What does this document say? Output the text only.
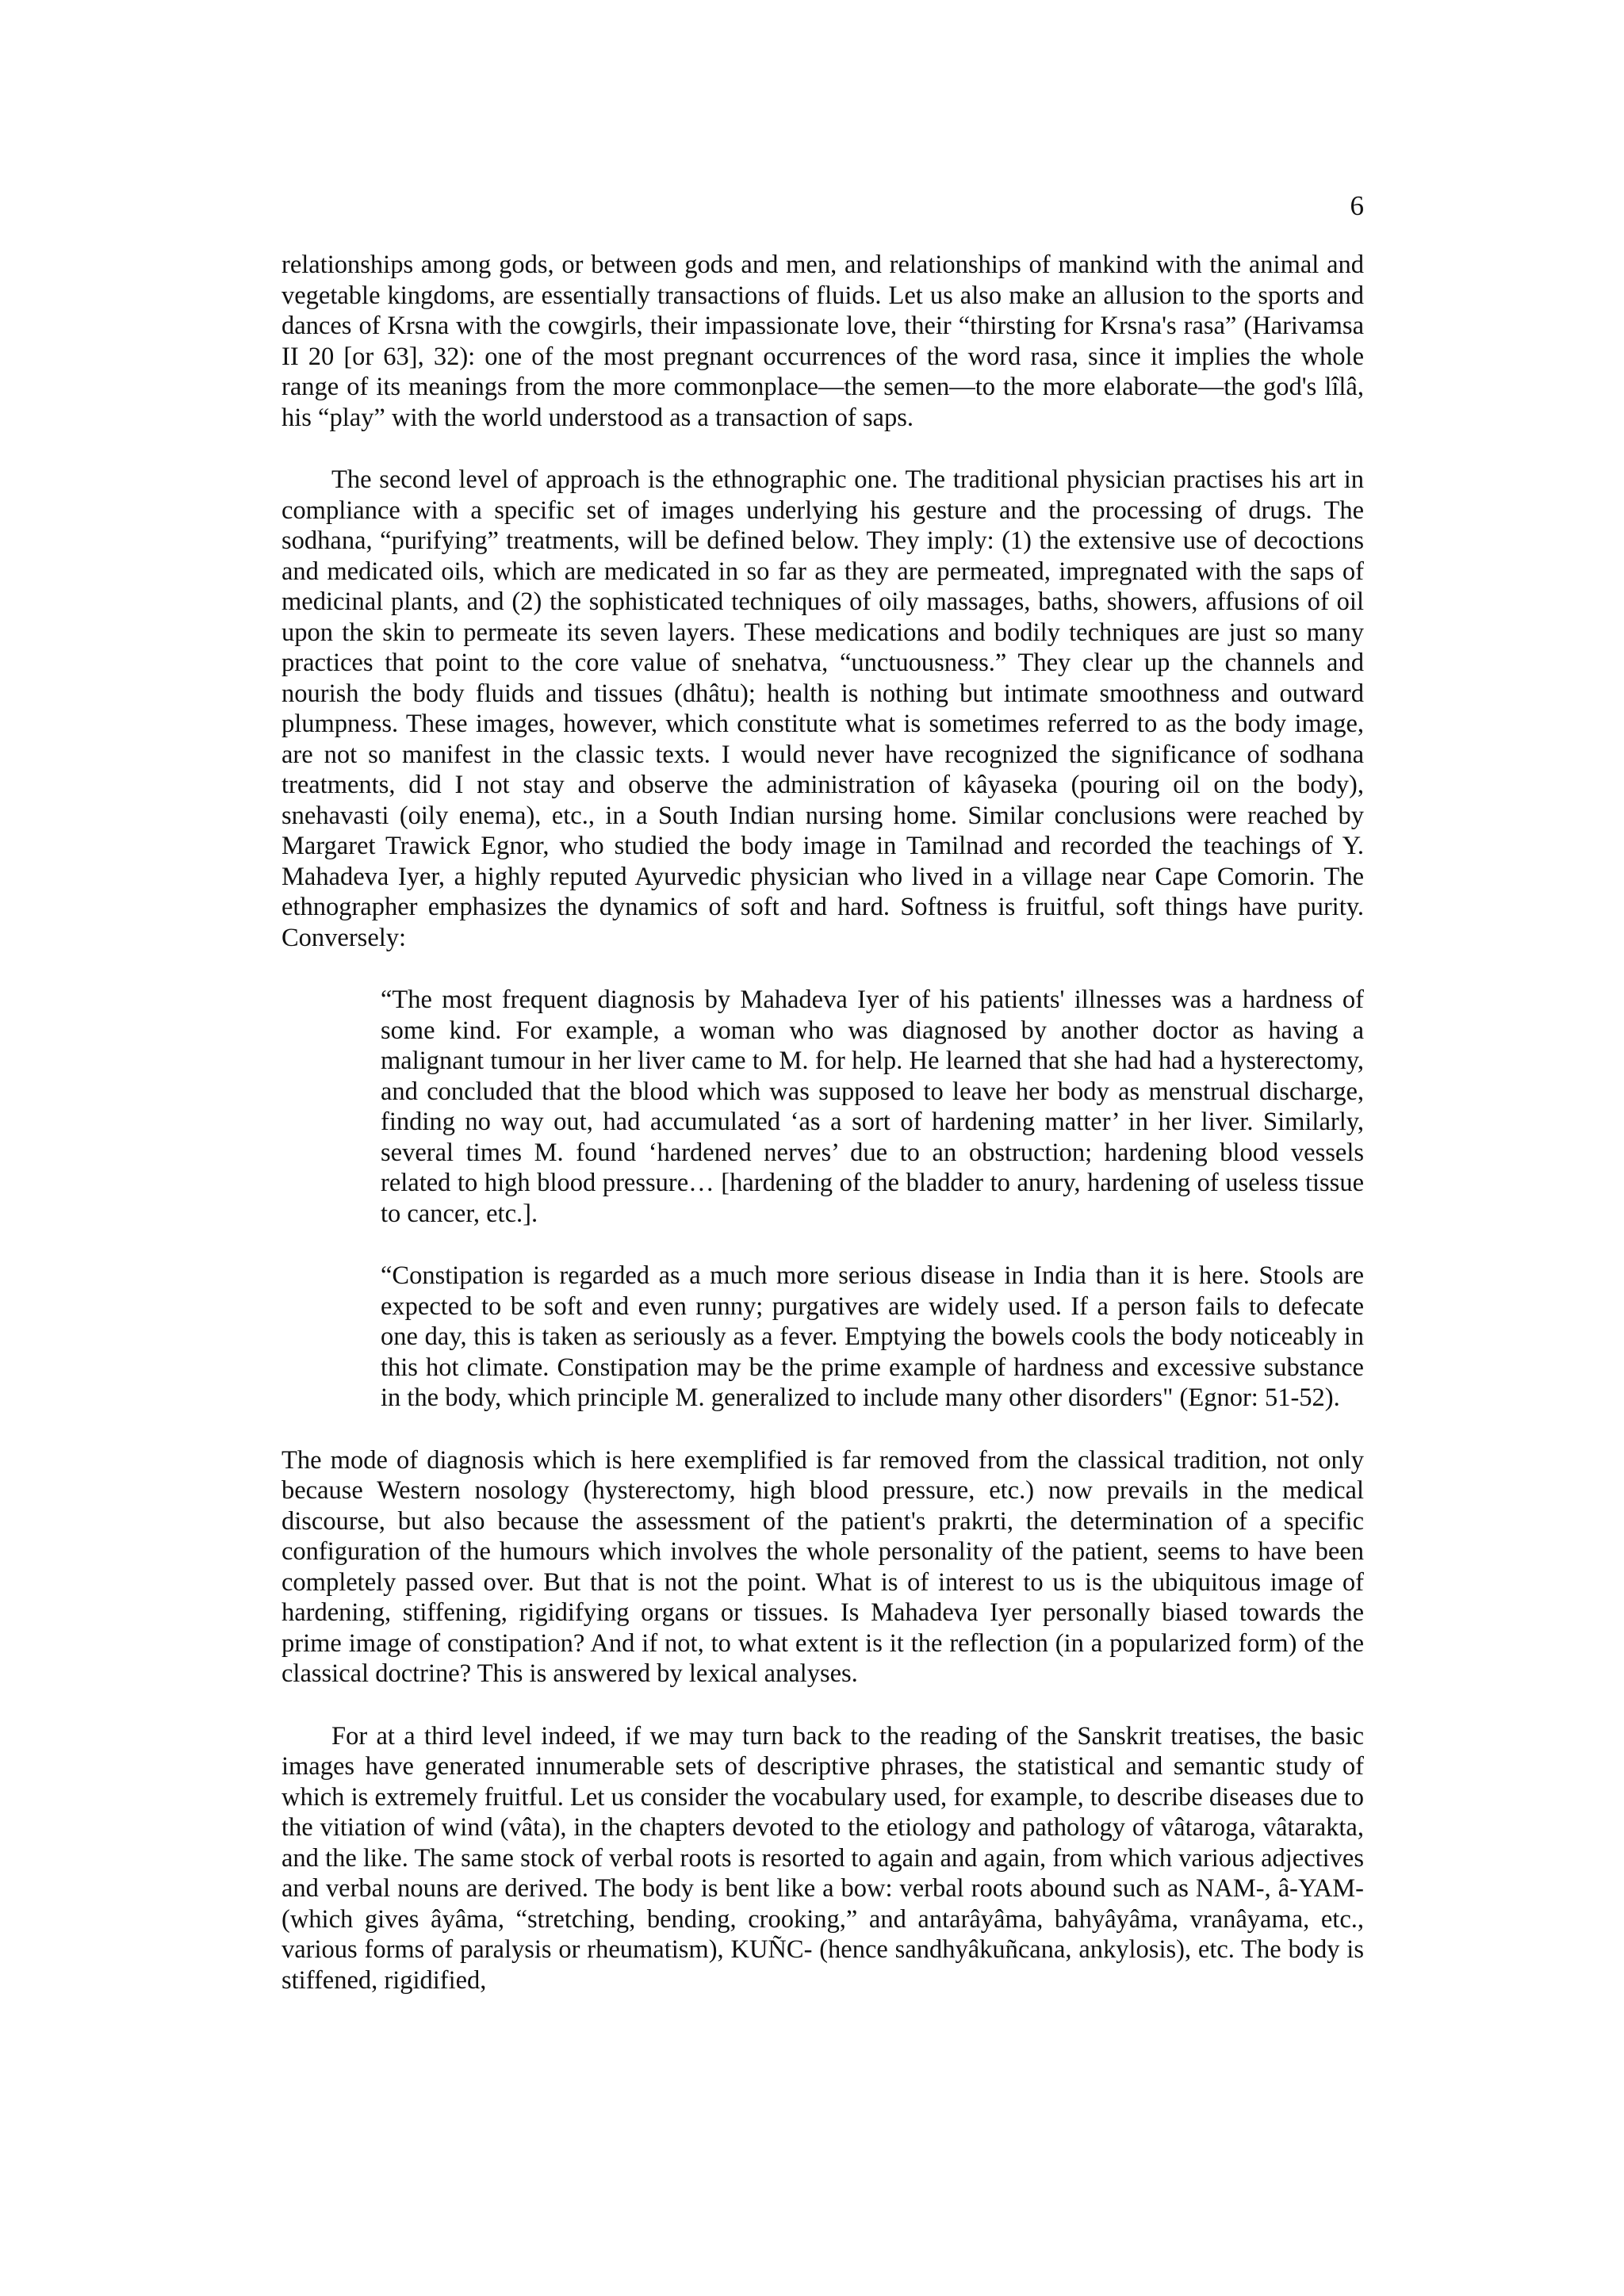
6

relationships among gods, or between gods and men, and relationships of mankind with the animal and vegetable kingdoms, are essentially transactions of fluids. Let us also make an allusion to the sports and dances of Krsna with the cowgirls, their impassionate love, their “thirsting for Krsna's rasa” (Harivamsa II 20 [or 63], 32): one of the most pregnant occurrences of the word rasa, since it implies the whole range of its meanings from the more commonplace—the semen—to the more elaborate—the god's lîlâ, his “play” with the world understood as a transaction of saps.

The second level of approach is the ethnographic one. The traditional physician practises his art in compliance with a specific set of images underlying his gesture and the processing of drugs. The sodhana, “purifying” treatments, will be defined below. They imply: (1) the extensive use of decoctions and medicated oils, which are medicated in so far as they are permeated, impregnated with the saps of medicinal plants, and (2) the sophisticated techniques of oily massages, baths, showers, affusions of oil upon the skin to permeate its seven layers. These medications and bodily techniques are just so many practices that point to the core value of snehatva, “unctuousness.” They clear up the channels and nourish the body fluids and tissues (dhâtu); health is nothing but intimate smoothness and outward plumpness. These images, however, which constitute what is sometimes referred to as the body image, are not so manifest in the classic texts. I would never have recognized the significance of sodhana treatments, did I not stay and observe the administration of kâyaseka (pouring oil on the body), snehavasti (oily enema), etc., in a South Indian nursing home. Similar conclusions were reached by Margaret Trawick Egnor, who studied the body image in Tamilnad and recorded the teachings of Y. Mahadeva Iyer, a highly reputed Ayurvedic physician who lived in a village near Cape Comorin. The ethnographer emphasizes the dynamics of soft and hard. Softness is fruitful, soft things have purity. Conversely:

“The most frequent diagnosis by Mahadeva Iyer of his patients' illnesses was a hardness of some kind. For example, a woman who was diagnosed by another doctor as having a malignant tumour in her liver came to M. for help. He learned that she had had a hysterectomy, and concluded that the blood which was supposed to leave her body as menstrual discharge, finding no way out, had accumulated ‘as a sort of hardening matter’ in her liver. Similarly, several times M. found ‘hardened nerves’ due to an obstruction; hardening blood vessels related to high blood pressure… [hardening of the bladder to anury, hardening of useless tissue to cancer, etc.].

“Constipation is regarded as a much more serious disease in India than it is here. Stools are expected to be soft and even runny; purgatives are widely used. If a person fails to defecate one day, this is taken as seriously as a fever. Emptying the bowels cools the body noticeably in this hot climate. Constipation may be the prime example of hardness and excessive substance in the body, which principle M. generalized to include many other disorders" (Egnor: 51-52).

The mode of diagnosis which is here exemplified is far removed from the classical tradition, not only because Western nosology (hysterectomy, high blood pressure, etc.) now prevails in the medical discourse, but also because the assessment of the patient's prakrti, the determination of a specific configuration of the humours which involves the whole personality of the patient, seems to have been completely passed over. But that is not the point. What is of interest to us is the ubiquitous image of hardening, stiffening, rigidifying organs or tissues. Is Mahadeva Iyer personally biased towards the prime image of constipation? And if not, to what extent is it the reflection (in a popularized form) of the classical doctrine? This is answered by lexical analyses.

For at a third level indeed, if we may turn back to the reading of the Sanskrit treatises, the basic images have generated innumerable sets of descriptive phrases, the statistical and semantic study of which is extremely fruitful. Let us consider the vocabulary used, for example, to describe diseases due to the vitiation of wind (vâta), in the chapters devoted to the etiology and pathology of vâtaroga, vâtarakta, and the like. The same stock of verbal roots is resorted to again and again, from which various adjectives and verbal nouns are derived. The body is bent like a bow: verbal roots abound such as NAM-, â-YAM- (which gives âyâma, “stretching, bending, crooking,” and antarâyâma, bahyâyâma, vranâyama, etc., various forms of paralysis or rheumatism), KUÑC- (hence sandhyâkuñcana, ankylosis), etc. The body is stiffened, rigidified,
